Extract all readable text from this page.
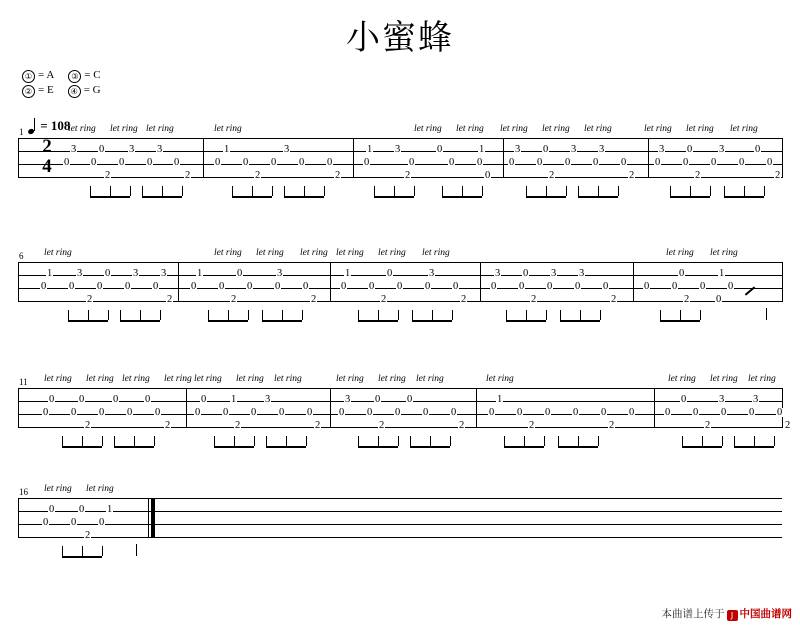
小蜜蜂
① = A ③ = C
② = E ④ = G
= 108
let ring let ring let ring	let ring	let ring let ring let ring let ring let ring	let ring let ring let ring
2
4
3 0 3 3
0 0 0 0 0
2	2
1	3
0 0 0 0 0
2	2
1 3	0	1
0	0	0 0
2	0
3 0 3 3
0 0 0 0 0
2	2
3 0	3	0
0 0 0 0 0
2	2
1
let ring	let ring let ring let ring let ring let ring let ring	let ring let ring
1 3 0 3 3
0 0 0 0 0
2	2
1	0	3
0 0 0 0 0
2	2
1	0	3
0 0 0 0 0
2	2
3 0 3 3
0 0 0 0 0
2	2
0	1
0 0 0 0
2	0
6
let ring let ring let ring let ring let ring let ring let ring	let ring let ring let ring	let ring	let ring let ring let ring
0 0	0	0
0 0 0 0 0
2	2
0 1	3
0 0 0 0 0
2	2
3 0	0
0 0 0 0 0
2	2
1
0 0 0 0 0 0
2	2
0	3	3
0 0 0 0 0
2	2
11
let ring let ring
0 0 1
0 0 0
2
16
本曲谱上传于 J 中国曲谱网
